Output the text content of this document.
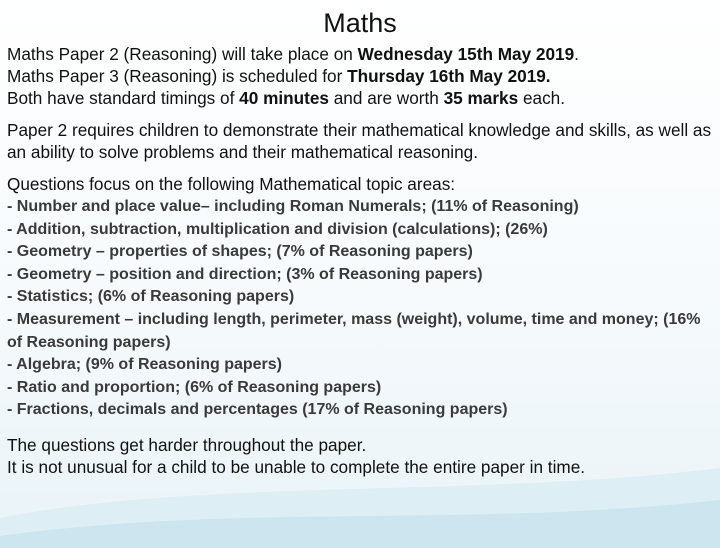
Maths
Maths Paper 2 (Reasoning) will take place on Wednesday 15th May 2019.
Maths Paper 3 (Reasoning) is scheduled for Thursday 16th May 2019.
Both have standard timings of 40 minutes and are worth 35 marks each.

Paper 2 requires children to demonstrate their mathematical knowledge and skills, as well as an ability to solve problems and their mathematical reasoning.

Questions focus on the following Mathematical topic areas:

- Number and place value– including Roman Numerals; (11% of Reasoning)
- Addition, subtraction, multiplication and division (calculations); (26%)
- Geometry – properties of shapes; (7% of Reasoning papers)
- Geometry – position and direction; (3% of Reasoning papers)
- Statistics; (6% of Reasoning papers)
- Measurement – including length, perimeter, mass (weight), volume, time and money; (16% of Reasoning papers)
- Algebra; (9% of Reasoning papers)
- Ratio and proportion; (6% of Reasoning papers)
- Fractions, decimals and percentages (17% of Reasoning papers)
The questions get harder throughout the paper.
It is not unusual for a child to be unable to complete the entire paper in time.
